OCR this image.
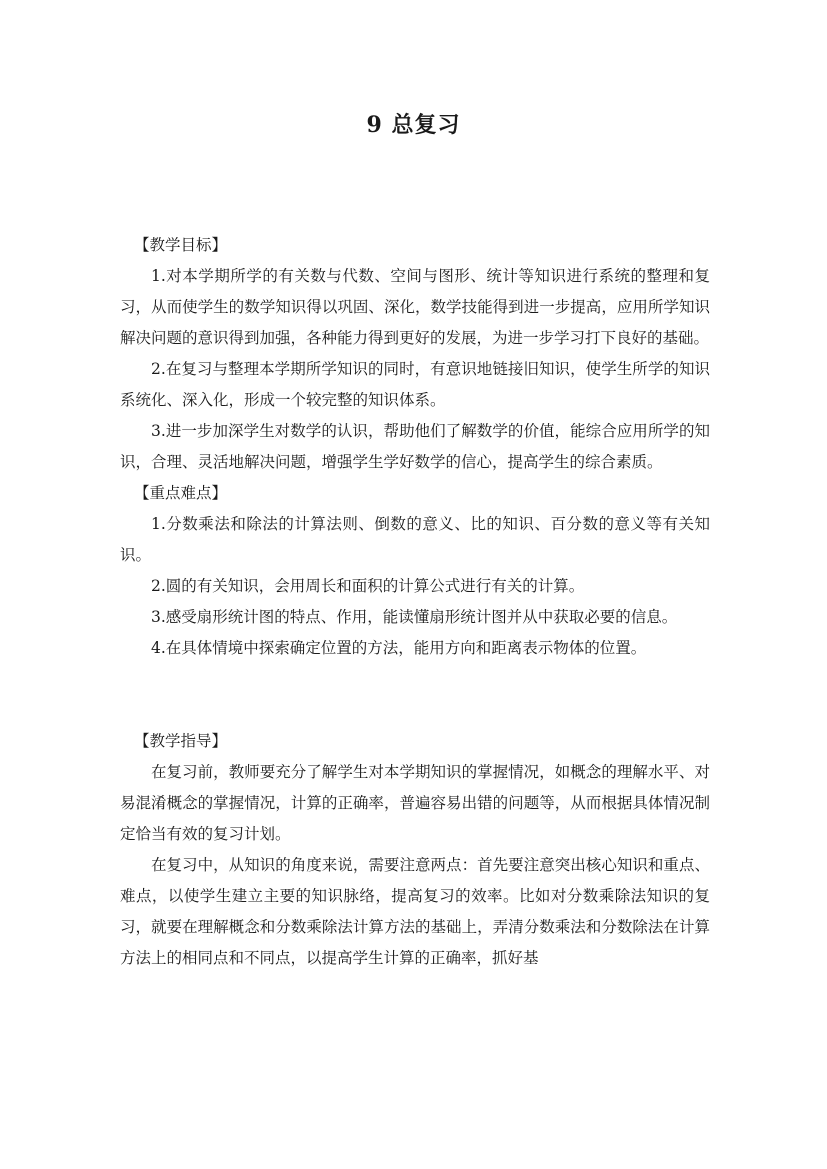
9 总复习

【教学目标】

1.对本学期所学的有关数与代数、空间与图形、统计等知识进行系统的整理和复习，从而使学生的数学知识得以巩固、深化，数学技能得到进一步提高，应用所学知识解决问题的意识得到加强，各种能力得到更好的发展，为进一步学习打下良好的基础。

2.在复习与整理本学期所学知识的同时，有意识地链接旧知识，使学生所学的知识系统化、深入化，形成一个较完整的知识体系。

3.进一步加深学生对数学的认识，帮助他们了解数学的价值，能综合应用所学的知识，合理、灵活地解决问题，增强学生学好数学的信心，提高学生的综合素质。

【重点难点】

1.分数乘法和除法的计算法则、倒数的意义、比的知识、百分数的意义等有关知识。

2.圆的有关知识，会用周长和面积的计算公式进行有关的计算。

3.感受扇形统计图的特点、作用，能读懂扇形统计图并从中获取必要的信息。

4.在具体情境中探索确定位置的方法，能用方向和距离表示物体的位置。

【教学指导】

在复习前，教师要充分了解学生对本学期知识的掌握情况，如概念的理解水平、对易混淆概念的掌握情况，计算的正确率，普遍容易出错的问题等，从而根据具体情况制定恰当有效的复习计划。

在复习中，从知识的角度来说，需要注意两点：首先要注意突出核心知识和重点、难点，以使学生建立主要的知识脉络，提高复习的效率。比如对分数乘除法知识的复习，就要在理解概念和分数乘除法计算方法的基础上，弄清分数乘法和分数除法在计算方法上的相同点和不同点，以提高学生计算的正确率，抓好基
